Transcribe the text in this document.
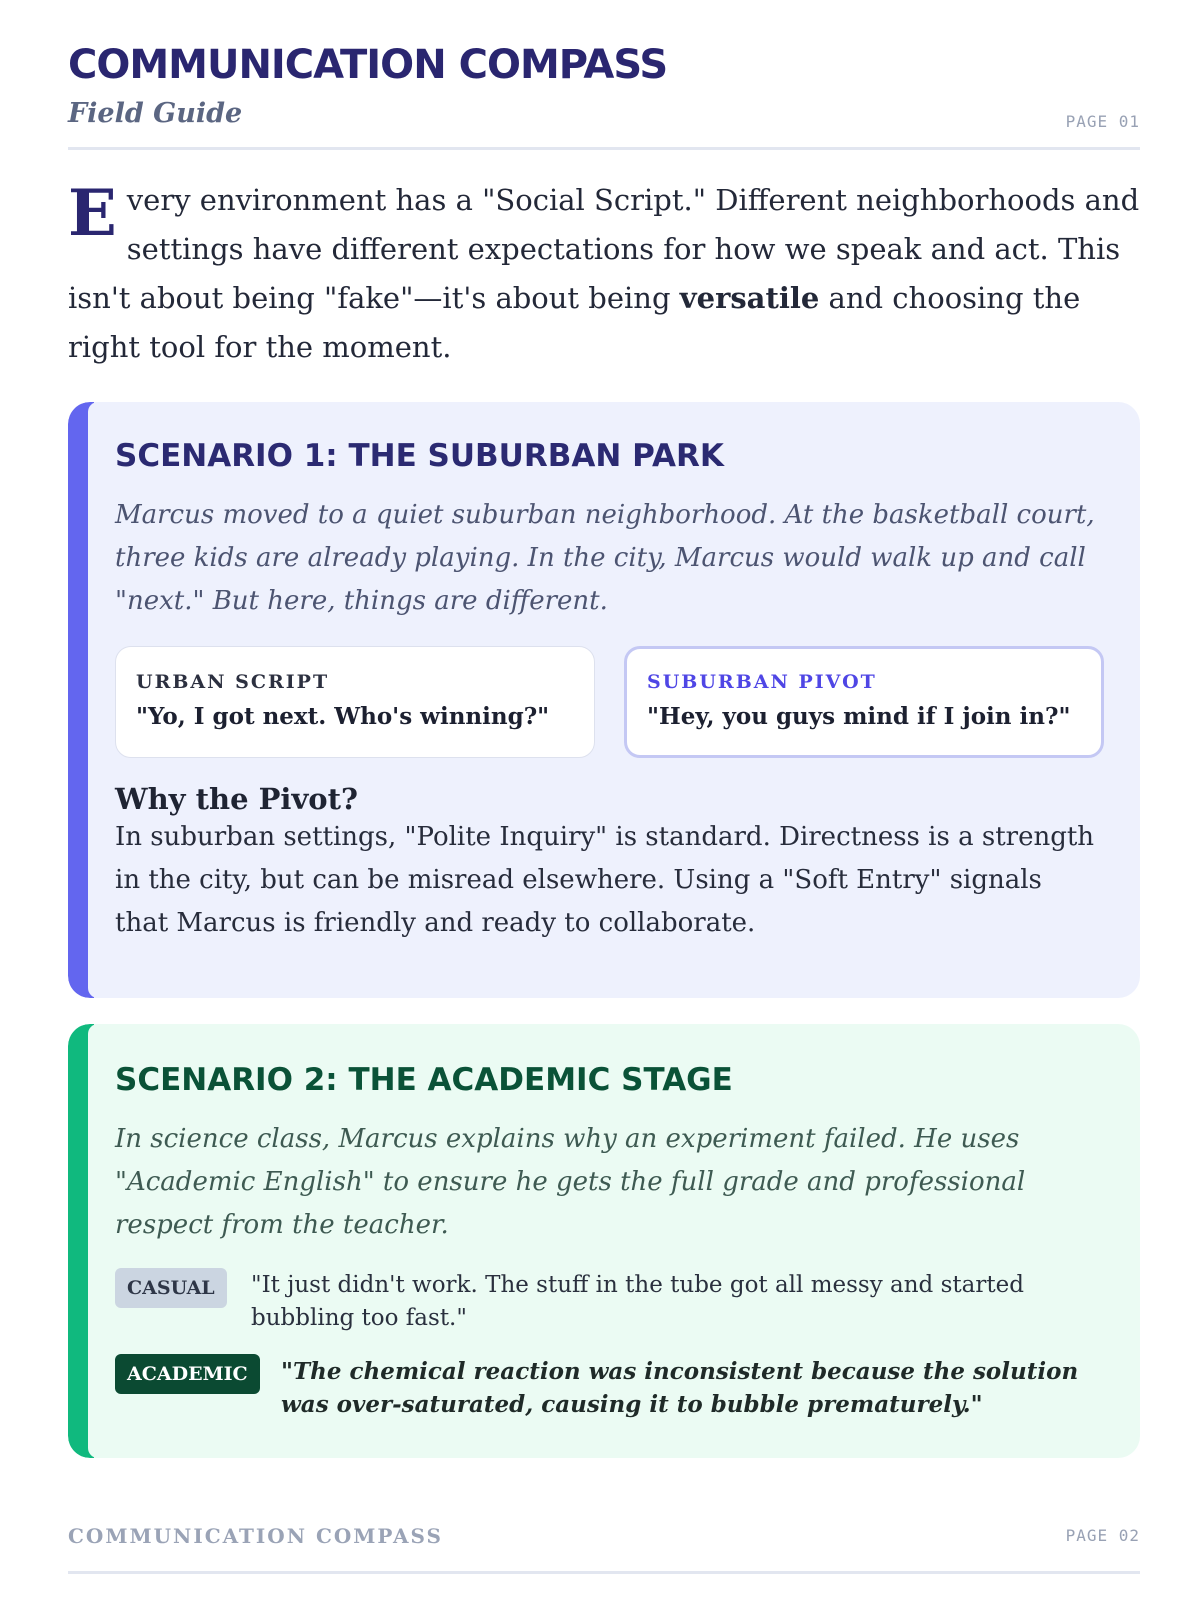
COMMUNICATION COMPASS
Field Guide	PAGE 01
Every environment has a "Social Script." Different neighborhoods and settings have different expectations for how we speak and act. This isn't about being "fake"—it's about being versatile and choosing the right tool for the moment.
SCENARIO 1: THE SUBURBAN PARK
Marcus moved to a quiet suburban neighborhood. At the basketball court, three kids are already playing. In the city, Marcus would walk up and call "next." But here, things are different.
URBAN SCRIPT
"Yo, I got next. Who's winning?"
SUBURBAN PIVOT
"Hey, you guys mind if I join in?"
Why the Pivot?
In suburban settings, "Polite Inquiry" is standard. Directness is a strength in the city, but can be misread elsewhere. Using a "Soft Entry" signals that Marcus is friendly and ready to collaborate.
SCENARIO 2: THE ACADEMIC STAGE
In science class, Marcus explains why an experiment failed. He uses "Academic English" to ensure he gets the full grade and professional respect from the teacher.
CASUAL	"It just didn't work. The stuff in the tube got all messy and started bubbling too fast."
ACADEMIC	"The chemical reaction was inconsistent because the solution was over-saturated, causing it to bubble prematurely."
COMMUNICATION COMPASS	PAGE 02
